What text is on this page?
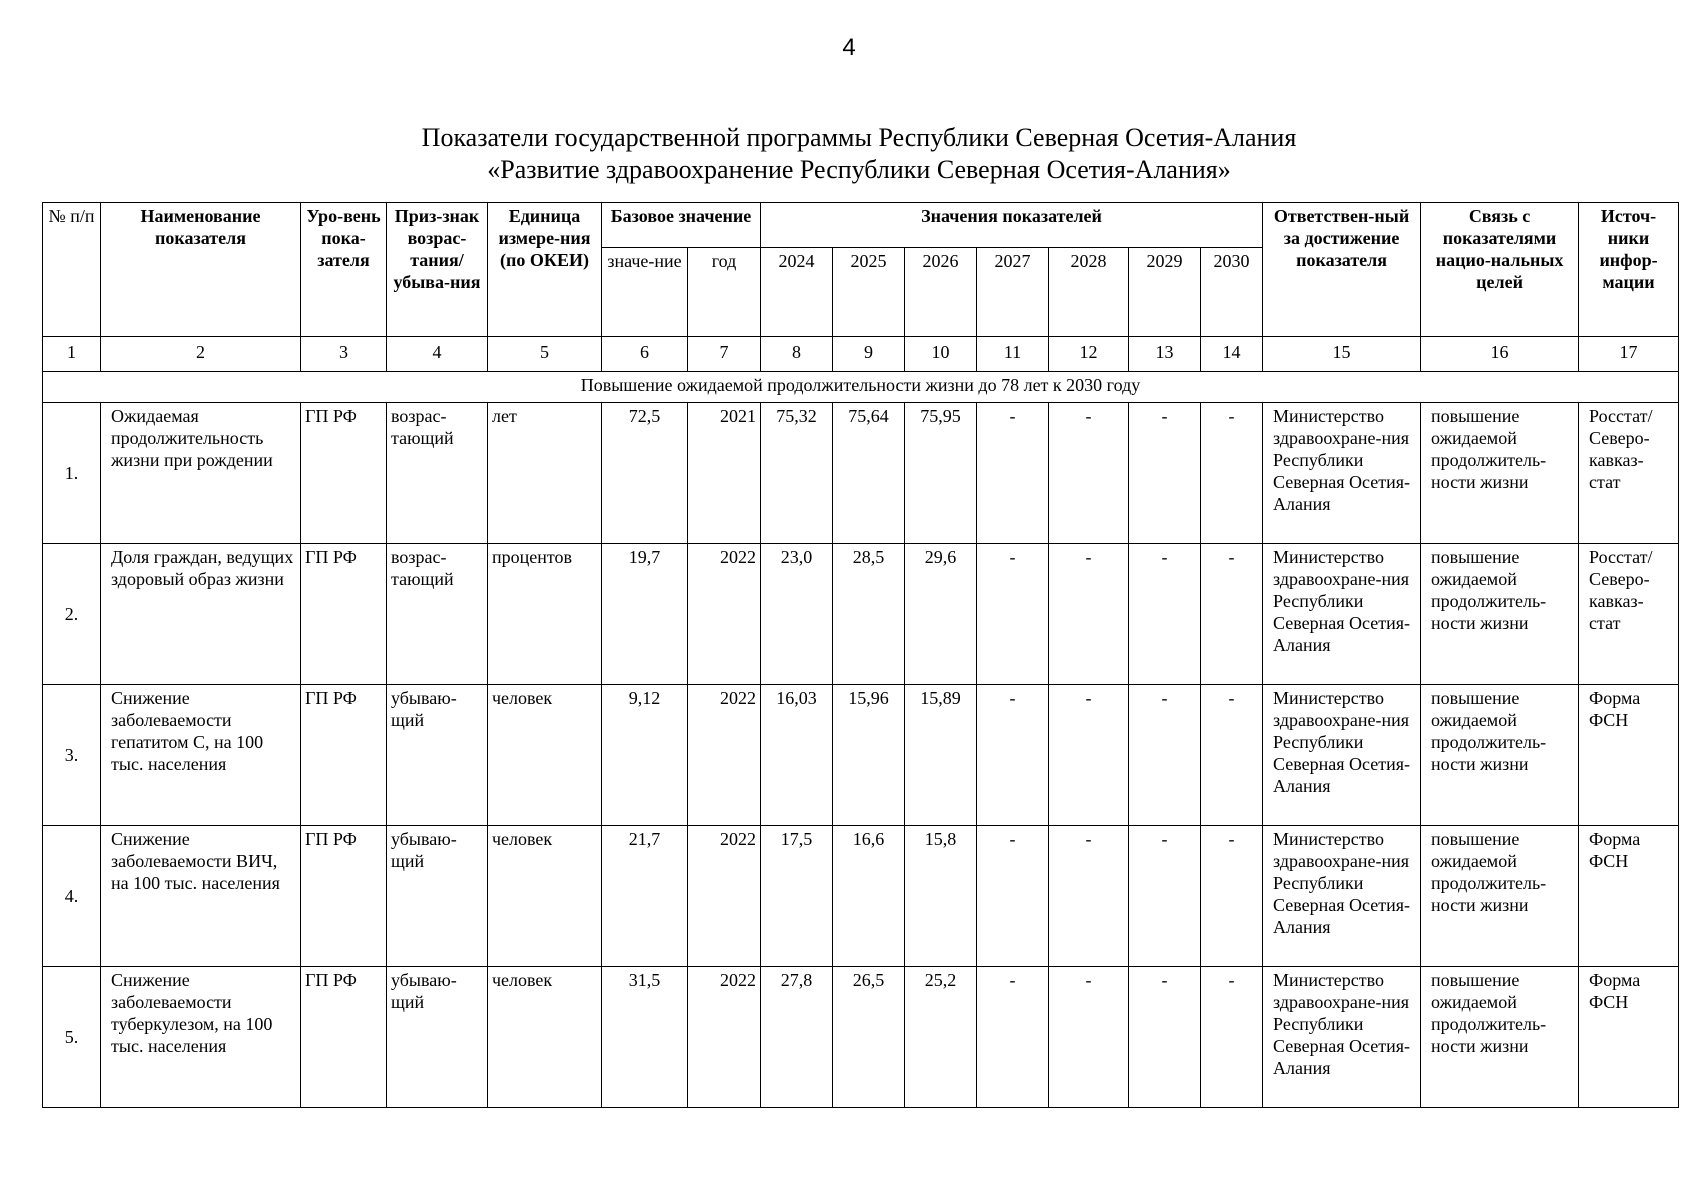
4
Показатели государственной программы Республики Северная Осетия-Алания
«Развитие здравоохранение Республики Северная Осетия-Алания»
№ п/п	Наименование показателя	Уро-вень пока-зателя	Приз-знак возрас-тания/ убыва-ния	Единица измере-ния (по ОКЕИ)	Базовое значение		Значения показателей							Ответствен-ный за достижение показателя	Связь с показателями нацио-нальных целей	Источ-ники инфор-мации
					значе-ние	год	2024	2025	2026	2027	2028	2029	2030			
1	2	3	4	5	6	7	8	9	10	11	12	13	14	15	16	17
Повышение ожидаемой продолжительности жизни до 78 лет к 2030 году																
1.	Ожидаемая продолжительность жизни при рождении	ГП РФ	возрас-тающий	лет	72,5	2021	75,32	75,64	75,95	-	-	-	-	Министерство здравоохране-ния Республики Северная Осетия-Алания	повышение ожидаемой продолжитель-ности жизни	Росстат/ Северо-кавказ-стат
2.	Доля граждан, ведущих здоровый образ жизни	ГП РФ	возрас-тающий	процентов	19,7	2022	23,0	28,5	29,6	-	-	-	-	Министерство здравоохране-ния Республики Северная Осетия-Алания	повышение ожидаемой продолжитель-ности жизни	Росстат/ Северо-кавказ-стат
3.	Снижение заболеваемости гепатитом С, на 100 тыс. населения	ГП РФ	убываю-щий	человек	9,12	2022	16,03	15,96	15,89	-	-	-	-	Министерство здравоохране-ния Республики Северная Осетия-Алания	повышение ожидаемой продолжитель-ности жизни	Форма ФСН
4.	Снижение заболеваемости ВИЧ, на 100 тыс. населения	ГП РФ	убываю-щий	человек	21,7	2022	17,5	16,6	15,8	-	-	-	-	Министерство здравоохране-ния Республики Северная Осетия-Алания	повышение ожидаемой продолжитель-ности жизни	Форма ФСН
5.	Снижение заболеваемости туберкулезом, на 100 тыс. населения	ГП РФ	убываю-щий	человек	31,5	2022	27,8	26,5	25,2	-	-	-	-	Министерство здравоохране-ния Республики Северная Осетия-Алания	повышение ожидаемой продолжитель-ности жизни	Форма ФСН
